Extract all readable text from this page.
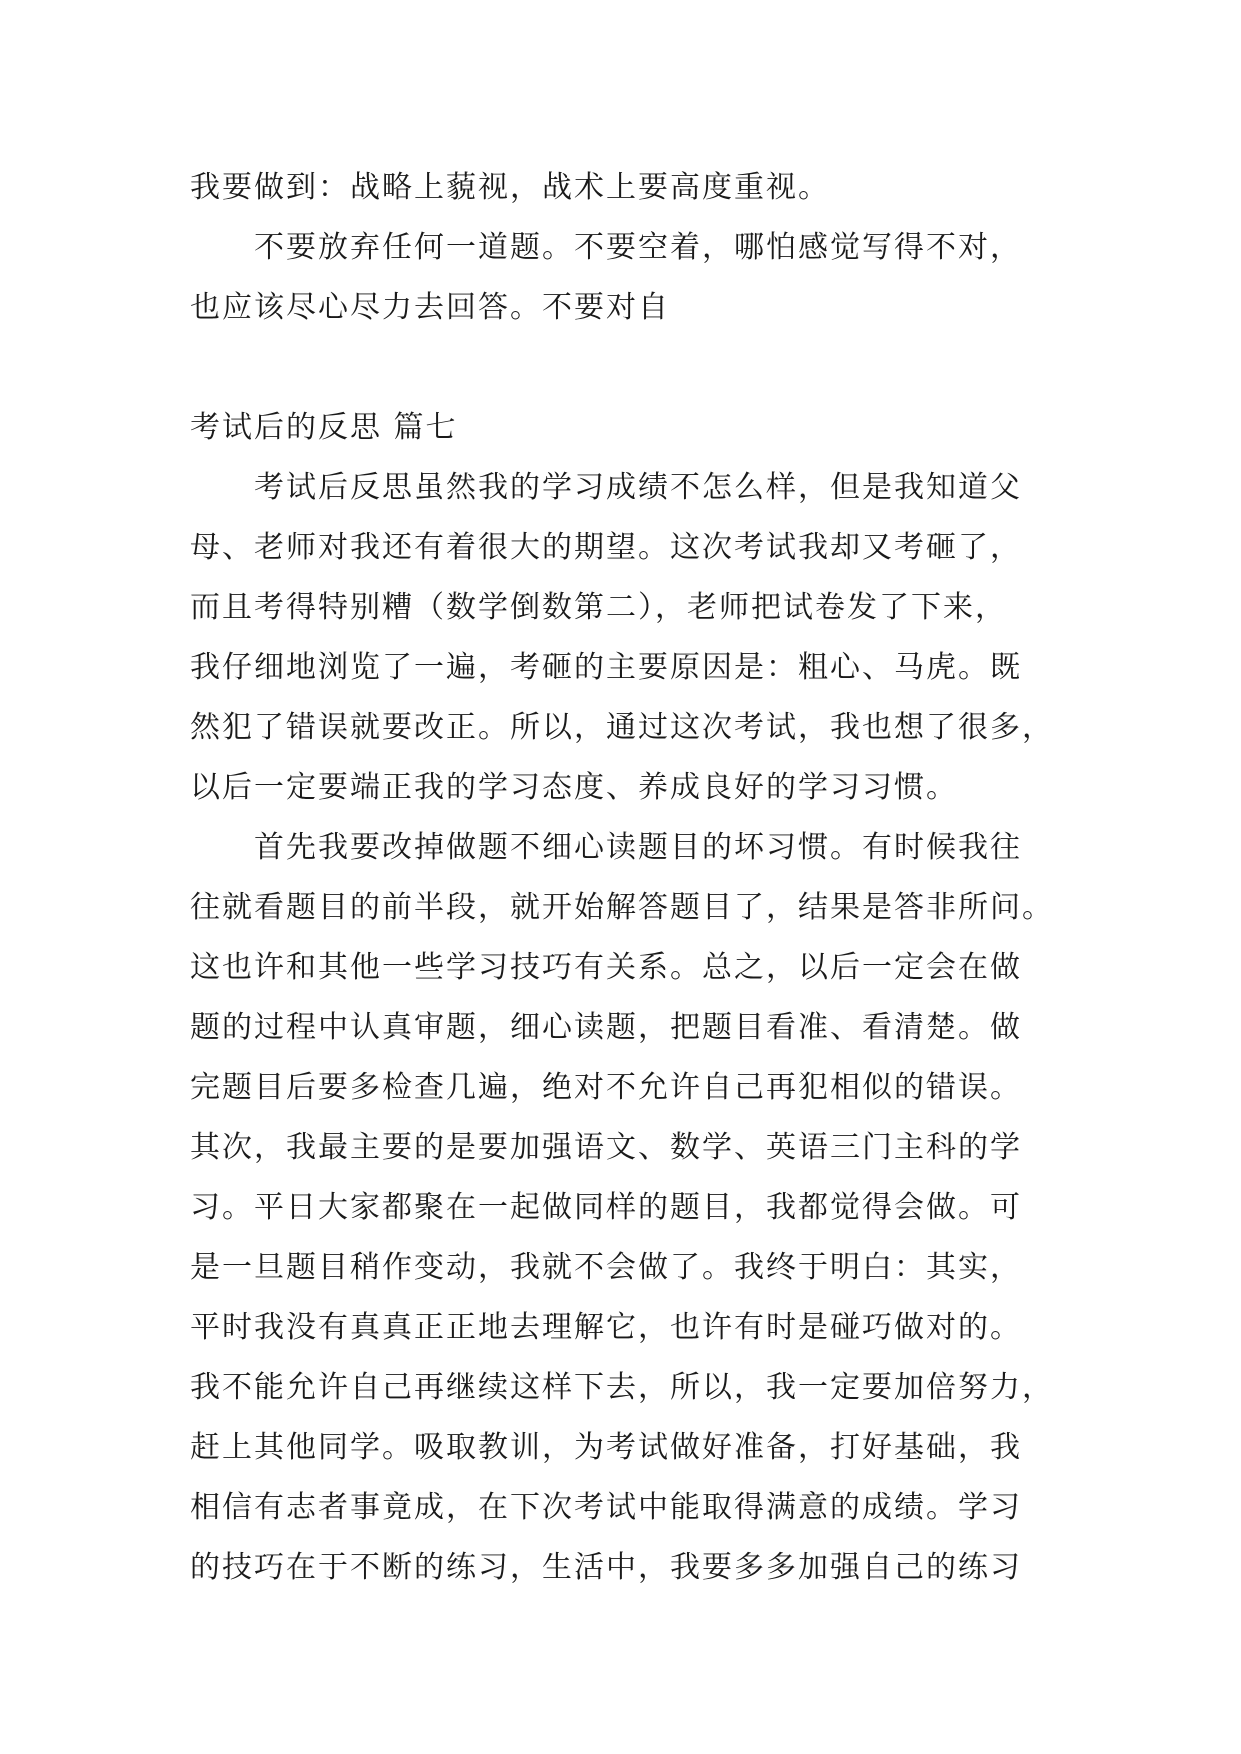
我要做到：战略上藐视，战术上要高度重视。
不要放弃任何一道题。不要空着，哪怕感觉写得不对，
也应该尽心尽力去回答。不要对自
考试后的反思 篇七
考试后反思虽然我的学习成绩不怎么样，但是我知道父
母、老师对我还有着很大的期望。这次考试我却又考砸了，
而且考得特别糟（数学倒数第二），老师把试卷发了下来，
我仔细地浏览了一遍，考砸的主要原因是：粗心、马虎。既
然犯了错误就要改正。所以，通过这次考试，我也想了很多，
以后一定要端正我的学习态度、养成良好的学习习惯。
首先我要改掉做题不细心读题目的坏习惯。有时候我往
往就看题目的前半段，就开始解答题目了，结果是答非所问。
这也许和其他一些学习技巧有关系。总之，以后一定会在做
题的过程中认真审题，细心读题，把题目看准、看清楚。做
完题目后要多检查几遍，绝对不允许自己再犯相似的错误。
其次，我最主要的是要加强语文、数学、英语三门主科的学
习。平日大家都聚在一起做同样的题目，我都觉得会做。可
是一旦题目稍作变动，我就不会做了。我终于明白：其实，
平时我没有真真正正地去理解它，也许有时是碰巧做对的。
我不能允许自己再继续这样下去，所以，我一定要加倍努力，
赶上其他同学。吸取教训，为考试做好准备，打好基础，我
相信有志者事竟成，在下次考试中能取得满意的成绩。学习
的技巧在于不断的练习，生活中，我要多多加强自己的练习
